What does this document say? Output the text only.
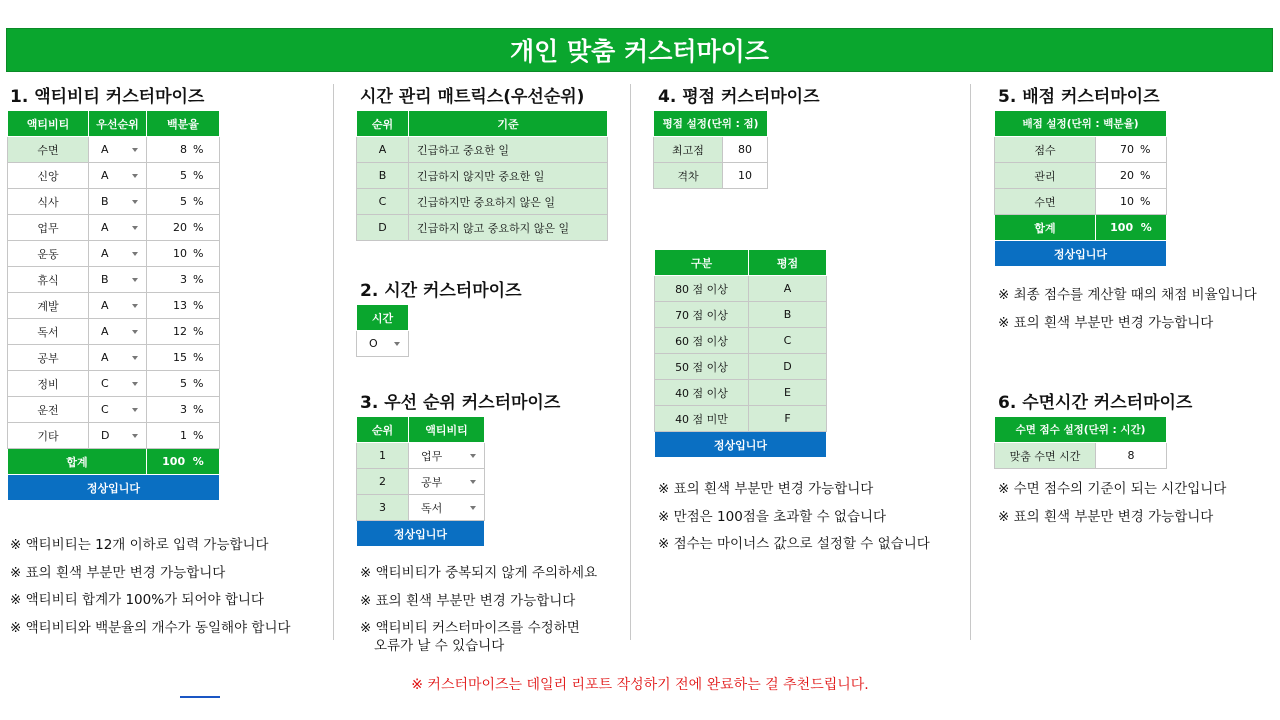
개인 맞춤 커스터마이즈
1. 액티비티 커스터마이즈
액티비티	우선순위	백분율
수면	A	8 %

신앙	A	5 %

식사	B	5 %

업무	A	20 %

운동	A	10 %

휴식	B	3 %

계발	A	13 %

독서	A	12 %

공부	A	15 %

정비	C	5 %

운전	C	3 %

기타	D	1 %

합계		100 %
정상입니다		
※ 액티비티는 12개 이하로 입력 가능합니다
※ 표의 흰색 부분만 변경 가능합니다
※ 액티비티 합계가 100%가 되어야 합니다
※ 액티비티와 백분율의 개수가 동일해야 합니다
시간 관리 매트릭스(우선순위)
순위	기준
A	긴급하고 중요한 일
B	긴급하지 않지만 중요한 일
C	긴급하지만 중요하지 않은 일
D	긴급하지 않고 중요하지 않은 일
2. 시간 커스터마이즈
시간

O
3. 우선 순위 커스터마이즈
순위	액티비티
1	업무

2	공부

3	독서

정상입니다	
※ 액티비티가 중복되지 않게 주의하세요
※ 표의 흰색 부분만 변경 가능합니다
※ 액티비티 커스터마이즈를 수정하면
오류가 날 수 있습니다
4. 평점 커스터마이즈
평점 설정(단위 : 점)	
최고점	80
격차	10
구분	평점
80 점 이상	A
70 점 이상	B
60 점 이상	C
50 점 이상	D
40 점 이상	E
40 점 미만	F
정상입니다	
※ 표의 흰색 부분만 변경 가능합니다
※ 만점은 100점을 초과할 수 없습니다
※ 점수는 마이너스 값으로 설정할 수 없습니다
5. 배점 커스터마이즈
배점 설정(단위 : 백분율)	
점수	70 %

관리	20 %

수면	10 %

합계	100 %
정상입니다	
※ 최종 점수를 계산할 때의 채점 비율입니다
※ 표의 흰색 부분만 변경 가능합니다
6. 수면시간 커스터마이즈
수면 점수 설정(단위 : 시간)
맞춤 수면 시간	8
※ 수면 점수의 기준이 되는 시간입니다
※ 표의 흰색 부분만 변경 가능합니다
※ 커스터마이즈는 데일리 리포트 작성하기 전에 완료하는 걸 추천드립니다.
